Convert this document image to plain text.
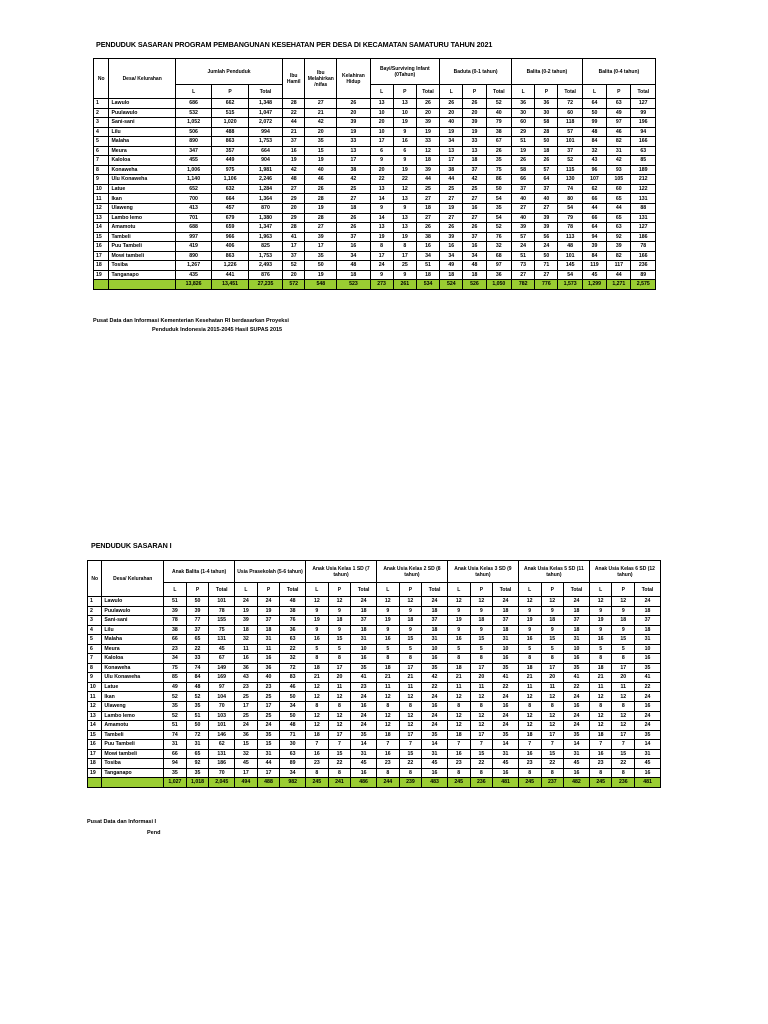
PENDUDUK SASARAN PROGRAM PEMBANGUNAN KESEHATAN PER DESA DI KECAMATAN SAMATURU TAHUN 2021
No	Desa/ Kelurahan	Jumlah Penduduk			Ibu Hamil	Ibu Melahirkan /nifas	Kelahiran Hidup	Bayi/Surviving Infant (0Tahun)			Baduta (0-1 tahun)			Balita (0-2 tahun)			Balita (0-4 tahun)		
		L	P	Total				L	P	Total	L	P	Total	L	P	Total	L	P	Total
1	Lawulo	686	662	1,348	28	27	26	13	13	26	26	26	52	36	36	72	64	63	127
2	Puulawulo	532	515	1,047	22	21	20	10	10	20	20	20	40	30	30	60	50	49	99
3	Sani-sani	1,052	1,020	2,072	44	42	39	20	19	39	40	39	79	60	58	118	99	97	196
4	Lilu	506	488	994	21	20	19	10	9	19	19	19	38	29	28	57	48	46	94
5	Malaha	890	863	1,753	37	35	33	17	16	33	34	33	67	51	50	101	84	82	166
6	Meura	347	357	664	16	15	13	6	6	12	13	13	26	19	18	37	32	31	63
7	Kaloloa	455	449	904	19	19	17	9	9	18	17	18	35	26	26	52	43	42	85
8	Konaweha	1,006	975	1,981	42	40	38	20	19	39	38	37	75	58	57	115	96	93	189
9	Ulu Konaweha	1,140	1,106	2,246	48	46	42	22	22	44	44	42	86	66	64	130	107	105	212
10	Latue	652	632	1,284	27	26	25	13	12	25	25	25	50	37	37	74	62	60	122
11	Ikan	700	664	1,364	29	28	27	14	13	27	27	27	54	40	40	80	66	65	131
12	Ulaweng	413	457	870	20	19	18	9	9	18	19	16	35	27	27	54	44	44	88
13	Lambo lemo	701	679	1,380	29	28	26	14	13	27	27	27	54	40	39	79	66	65	131
14	Amamotu	688	659	1,347	28	27	26	13	13	26	26	26	52	39	39	78	64	63	127
15	Tambeli	997	966	1,963	41	39	37	19	19	38	39	37	76	57	56	113	94	92	186
16	Puu Tambeli	419	406	825	17	17	16	8	8	16	16	16	32	24	24	48	39	39	78
17	Mowi tambeli	890	863	1,753	37	35	34	17	17	34	34	34	68	51	50	101	84	82	166
18	Tosiba	1,267	1,226	2,493	52	50	48	24	25	51	49	48	97	73	71	145	119	117	236
19	Tanganapo	435	441	876	20	19	18	9	9	18	18	18	36	27	27	54	45	44	89
		13,826	13,451	27,235	572	548	523	273	261	534	524	526	1,050	782	776	1,573	1,299	1,271	2,575
Pusat Data dan Informasi Kementerian Kesehatan RI berdasarkan Proyeksi
Penduduk Indonesia 2015-2045 Hasil SUPAS 2015
PENDUDUK SASARAN I
No	Desa/ Kelurahan	Anak Balita (1-4 tahun)			Usia Prasekolah (5-6 tahun)			Anak Usia Kelas 1 SD (7 tahun)			Anak Usia Kelas 2 SD (8 tahun)			Anak Usia Kelas 3 SD (9 tahun)			Anak Usia Kelas 5 SD (11 tahun)			Anak Usia Kelas 6 SD (12 tahun)		
		L	P	Total	L	P	Total	L	P	Total	L	P	Total	L	P	Total	L	P	Total	L	P	Total
1	Lawulo	51	50	101	24	24	48	12	12	24	12	12	24	12	12	24	12	12	24	12	12	24
2	Puulawulo	39	39	78	19	19	38	9	9	18	9	9	18	9	9	18	9	9	18	9	9	18
3	Sani-sani	78	77	155	39	37	76	19	18	37	19	18	37	19	18	37	19	18	37	19	18	37
4	Lilu	38	37	75	18	18	36	9	9	18	9	9	18	9	9	18	9	9	18	9	9	18
5	Malaha	66	65	131	32	31	63	16	15	31	16	15	31	16	15	31	16	15	31	16	15	31
6	Meura	23	22	45	11	11	22	5	5	10	5	5	10	5	5	10	5	5	10	5	5	10
7	Kaloloa	34	33	67	16	16	32	8	8	16	8	8	16	8	8	16	8	8	16	8	8	16
8	Konaweha	75	74	149	36	36	72	18	17	35	18	17	35	18	17	35	18	17	35	18	17	35
9	Ulu Konaweha	85	84	169	43	40	83	21	20	41	21	21	42	21	20	41	21	20	41	21	20	41
10	Latue	49	48	97	23	23	46	12	11	23	11	11	22	11	11	22	11	11	22	11	11	22
11	Ikan	52	52	104	25	25	50	12	12	24	12	12	24	12	12	24	12	12	24	12	12	24
12	Ulaweng	35	35	70	17	17	34	8	8	16	8	8	16	8	8	16	8	8	16	8	8	16
13	Lambo lemo	52	51	103	25	25	50	12	12	24	12	12	24	12	12	24	12	12	24	12	12	24
14	Amamotu	51	50	101	24	24	48	12	12	24	12	12	24	12	12	24	12	12	24	12	12	24
15	Tambeli	74	72	146	36	35	71	18	17	35	18	17	35	18	17	35	18	17	35	18	17	35
16	Puu Tambeli	31	31	62	15	15	30	7	7	14	7	7	14	7	7	14	7	7	14	7	7	14
17	Mowi tambeli	66	65	131	32	31	63	16	15	31	16	15	31	16	15	31	16	15	31	16	15	31
18	Tosiba	94	92	186	45	44	89	23	22	45	23	22	45	23	22	45	23	22	45	23	22	45
19	Tanganapo	35	35	70	17	17	34	8	8	16	8	8	16	8	8	16	8	8	16	8	8	16
		1,027	1,018	2,045	494	488	982	245	241	486	244	239	483	245	236	481	245	237	482	245	236	481
Pusat Data dan Informasi I
Pend
